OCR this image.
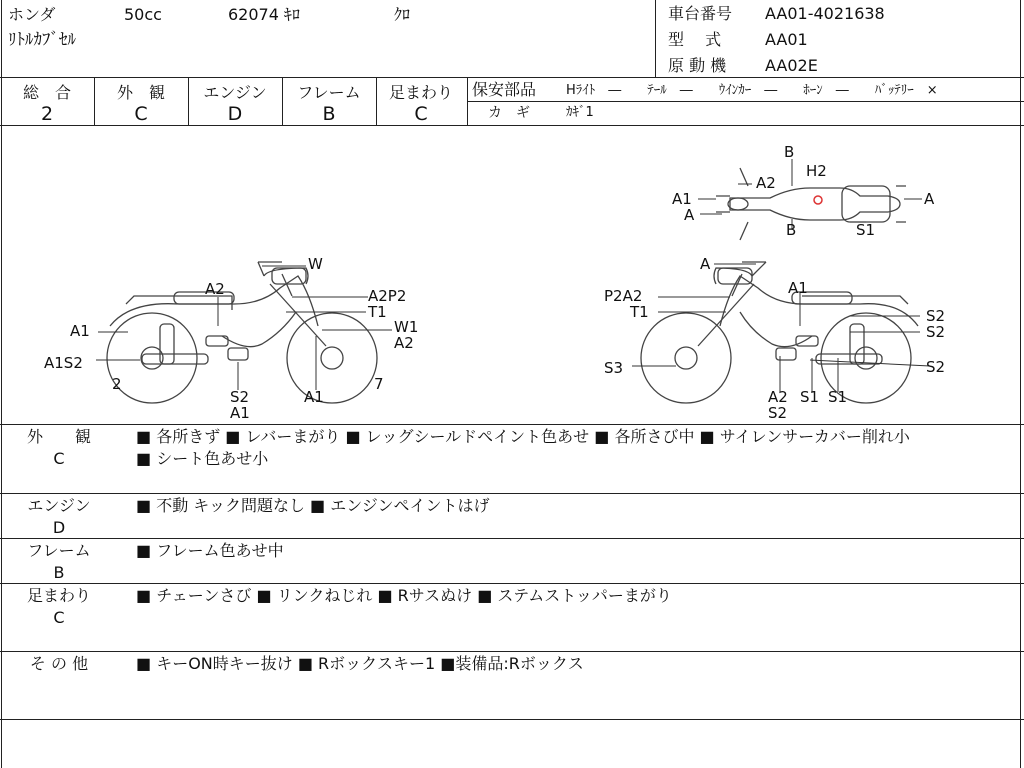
ホンダ	50cc	62074 ｷﾛ	ｸﾛ
ﾘﾄﾙｶﾌﾞｾﾙ
車台番号 AA01-4021638
型　 式	AA01
原 動 機 AA02E
総　合
2
外　観
C
エンジン
D
フレーム
B
足まわり
C
保安部品 Hﾗｲﾄ　―　　ﾃｰﾙ　―　　ｳｲﾝｶｰ　―　　ﾎｰﾝ　―　　ﾊﾞｯﾃﾘｰ　×
カ　ギ	ｶｷﾞ1
B
H2
A2
A1
A
B	S1
A
W
A2	A2P2
T1
A1	W1
A2
A1S2
2
S2
A1
A1
7
A
P2A2
T1
A1
S2
S2
S3
A2
S2
S1 S1
S2
外　　観
C
■ 各所きず ■ レバーまがり ■ レッグシールドペイント色あせ ■ 各所さび中 ■ サイレンサーカバー削れ小
■ シート色あせ小
エンジン
D
■ 不動 キック問題なし ■ エンジンペイントはげ
フレーム
B
■ フレーム色あせ中
足まわり
C
■ チェーンさび ■ リンクねじれ ■ Rサスぬけ ■ ステムストッパーまがり
そ の 他	■ キーON時キー抜け ■ Rボックスキー1 ■装備品:Rボックス
